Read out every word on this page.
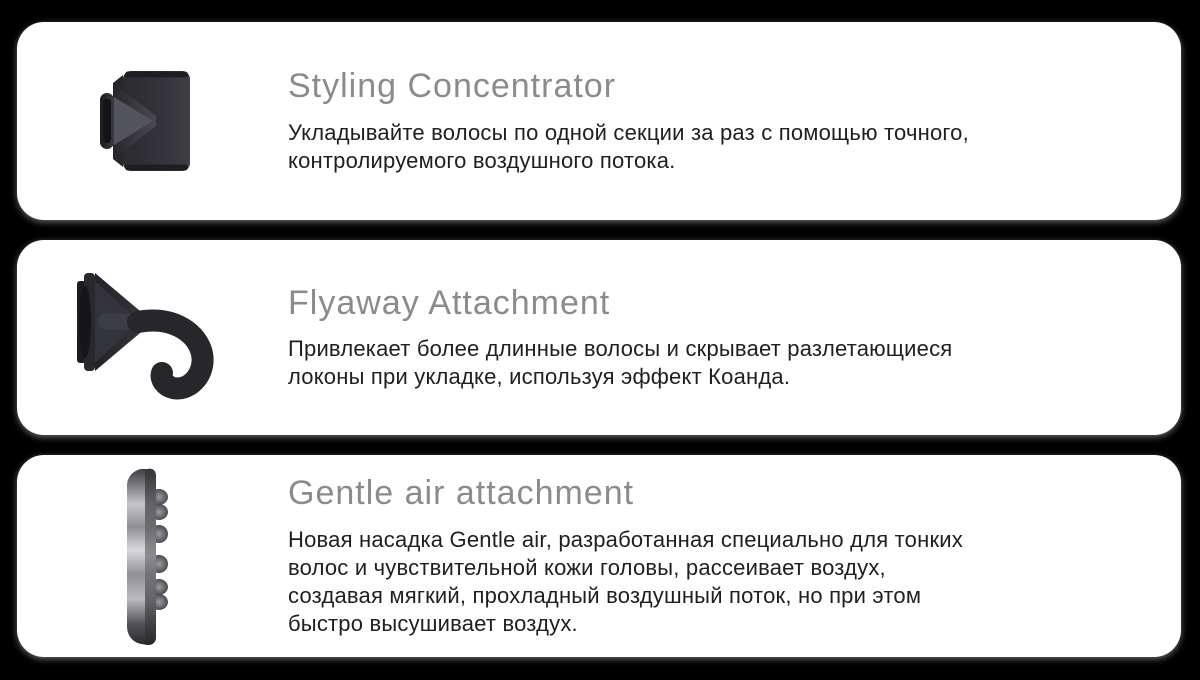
Styling Concentrator
Укладывайте волосы по одной секции за раз с помощью точного,
контролируемого воздушного потока.
Flyaway Attachment
Привлекает более длинные волосы и скрывает разлетающиеся
локоны при укладке, используя эффект Коанда.
Gentle air attachment
Новая насадка Gentle air, разработанная специально для тонких
волос и чувствительной кожи головы, рассеивает воздух,
создавая мягкий, прохладный воздушный поток, но при этом
быстро высушивает воздух.
